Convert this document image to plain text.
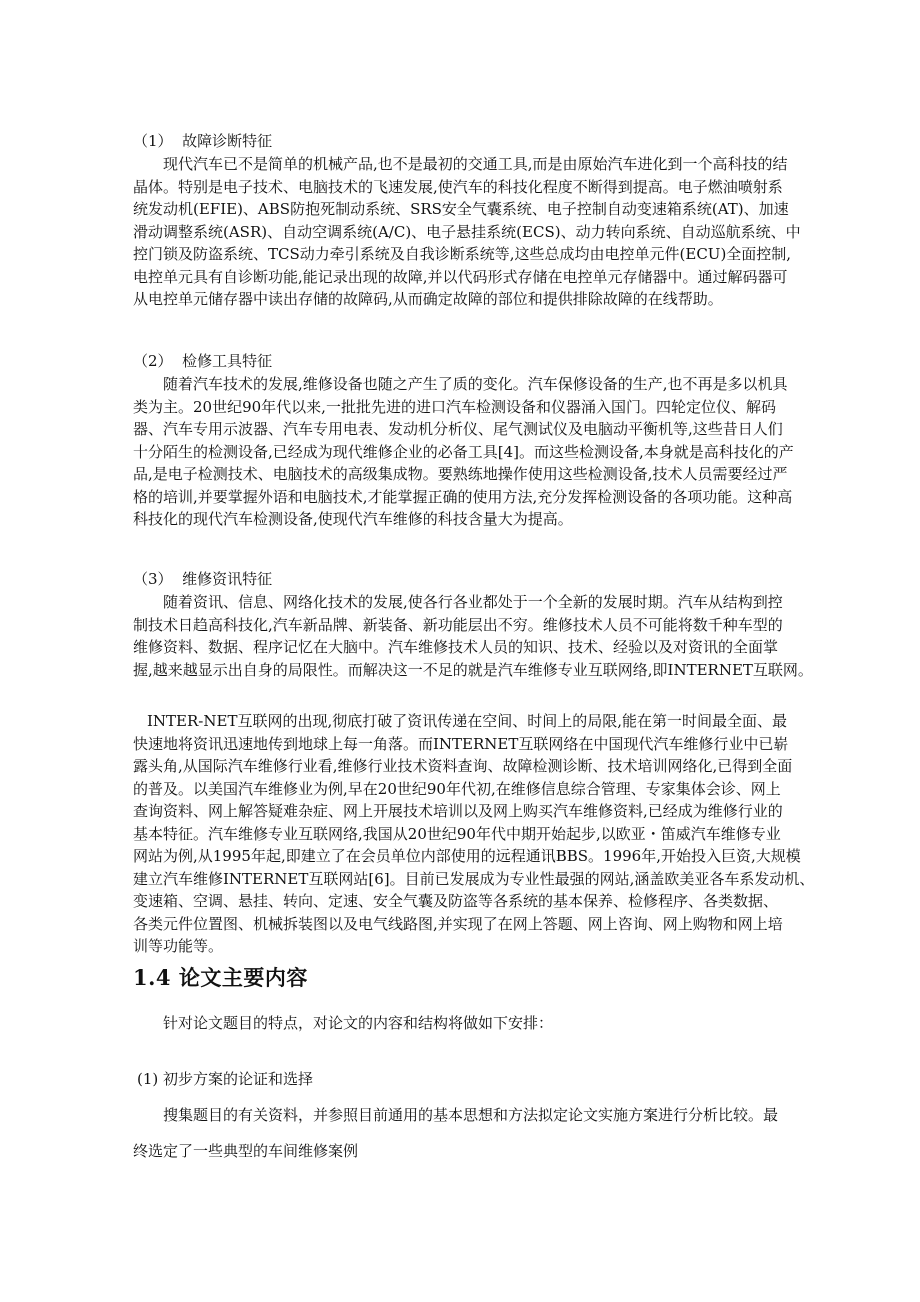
（1）  故障诊断特征

现代汽车已不是简单的机械产品,也不是最初的交通工具,而是由原始汽车进化到一个高科技的结
晶体。特别是电子技术、电脑技术的飞速发展,使汽车的科技化程度不断得到提高。电子燃油喷射系
统发动机(EFIE)、ABS防抱死制动系统、SRS安全气囊系统、电子控制自动变速箱系统(AT)、加速
滑动调整系统(ASR)、自动空调系统(A/C)、电子悬挂系统(ECS)、动力转向系统、自动巡航系统、中
控门锁及防盗系统、TCS动力牵引系统及自我诊断系统等,这些总成均由电控单元件(ECU)全面控制,
电控单元具有自诊断功能,能记录出现的故障,并以代码形式存储在电控单元存储器中。通过解码器可
从电控单元储存器中读出存储的故障码,从而确定故障的部位和提供排除故障的在线帮助。

（2）  检修工具特征

随着汽车技术的发展,维修设备也随之产生了质的变化。汽车保修设备的生产,也不再是多以机具
类为主。20世纪90年代以来,一批批先进的进口汽车检测设备和仪器涌入国门。四轮定位仪、解码
器、汽车专用示波器、汽车专用电表、发动机分析仪、尾气测试仪及电脑动平衡机等,这些昔日人们
十分陌生的检测设备,已经成为现代维修企业的必备工具[4]。而这些检测设备,本身就是高科技化的产
品,是电子检测技术、电脑技术的高级集成物。要熟练地操作使用这些检测设备,技术人员需要经过严
格的培训,并要掌握外语和电脑技术,才能掌握正确的使用方法,充分发挥检测设备的各项功能。这种高
科技化的现代汽车检测设备,使现代汽车维修的科技含量大为提高。

（3）  维修资讯特征

随着资讯、信息、网络化技术的发展,使各行各业都处于一个全新的发展时期。汽车从结构到控
制技术日趋高科技化,汽车新品牌、新装备、新功能层出不穷。维修技术人员不可能将数千种车型的
维修资料、数据、程序记忆在大脑中。汽车维修技术人员的知识、技术、经验以及对资讯的全面掌
握,越来越显示出自身的局限性。而解决这一不足的就是汽车维修专业互联网络,即INTERNET互联网。

INTER-NET互联网的出现,彻底打破了资讯传递在空间、时间上的局限,能在第一时间最全面、最
快速地将资讯迅速地传到地球上每一角落。而INTERNET互联网络在中国现代汽车维修行业中已崭
露头角,从国际汽车维修行业看,维修行业技术资料查询、故障检测诊断、技术培训网络化,已得到全面
的普及。以美国汽车维修业为例,早在20世纪90年代初,在维修信息综合管理、专家集体会诊、网上
查询资料、网上解答疑难杂症、网上开展技术培训以及网上购买汽车维修资料,已经成为维修行业的
基本特征。汽车维修专业互联网络,我国从20世纪90年代中期开始起步,以欧亚・笛威汽车维修专业
网站为例,从1995年起,即建立了在会员单位内部使用的远程通讯BBS。1996年,开始投入巨资,大规模
建立汽车维修INTERNET互联网站[6]。目前已发展成为专业性最强的网站,涵盖欧美亚各车系发动机、
变速箱、空调、悬挂、转向、定速、安全气囊及防盗等各系统的基本保养、检修程序、各类数据、
各类元件位置图、机械拆装图以及电气线路图,并实现了在网上答题、网上咨询、网上购物和网上培
训等功能等。

1.4 论文主要内容

针对论文题目的特点，对论文的内容和结构将做如下安排：

(1) 初步方案的论证和选择

搜集题目的有关资料，并参照目前通用的基本思想和方法拟定论文实施方案进行分析比较。最

终选定了一些典型的车间维修案例
